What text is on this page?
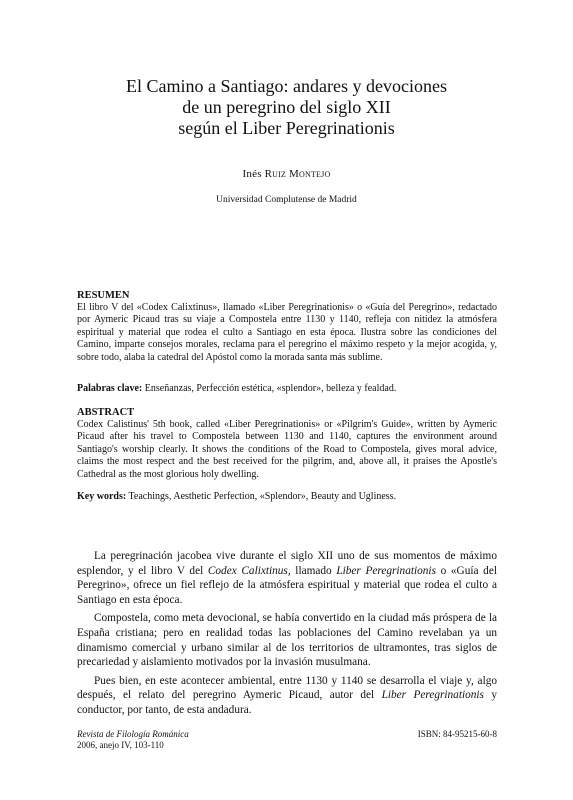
El Camino a Santiago: andares y devociones
de un peregrino del siglo XII
según el Liber Peregrinationis
Inés Ruiz Montejo
Universidad Complutense de Madrid
RESUMEN
El libro V del «Codex Calixtinus», llamado «Liber Peregrinationis» o «Guía del Peregrino», redactado por Aymeric Picaud tras su viaje a Compostela entre 1130 y 1140, refleja con nitidez la atmósfera espiritual y material que rodea el culto a Santiago en esta época. Ilustra sobre las condiciones del Camino, imparte consejos morales, reclama para el peregrino el máximo respeto y la mejor acogida, y, sobre todo, alaba la catedral del Apóstol como la morada santa más sublime.
Palabras clave: Enseñanzas, Perfección estética, «splendor», belleza y fealdad.
ABSTRACT
Codex Calistinus' 5th book, called «Liber Peregrinationis» or «Pilgrim's Guide», written by Aymeric Picaud after his travel to Compostela between 1130 and 1140, captures the environment around Santiago's worship clearly. It shows the conditions of the Road to Compostela, gives moral advice, claims the most respect and the best received for the pilgrim, and, above all, it praises the Apostle's Cathedral as the most glorious holy dwelling.
Key words: Teachings, Aesthetic Perfection, «Splendor», Beauty and Ugliness.

La peregrinación jacobea vive durante el siglo XII uno de sus momentos de máximo esplendor, y el libro V del Codex Calixtinus, llamado Liber Peregrinationis o «Guía del Peregrino», ofrece un fiel reflejo de la atmósfera espiritual y material que rodea el culto a Santiago en esta época.

Compostela, como meta devocional, se había convertido en la ciudad más próspera de la España cristiana; pero en realidad todas las poblaciones del Camino revelaban ya un dinamismo comercial y urbano similar al de los territorios de ultramontes, tras siglos de precariedad y aislamiento motivados por la invasión musulmana.

Pues bien, en este acontecer ambiental, entre 1130 y 1140 se desarrolla el viaje y, algo después, el relato del peregrino Aymeric Picaud, autor del Liber Peregrinationis y conductor, por tanto, de esta andadura.

Revista de Filología Románica
2006, anejo IV, 103-110
ISBN: 84-95215-60-8
